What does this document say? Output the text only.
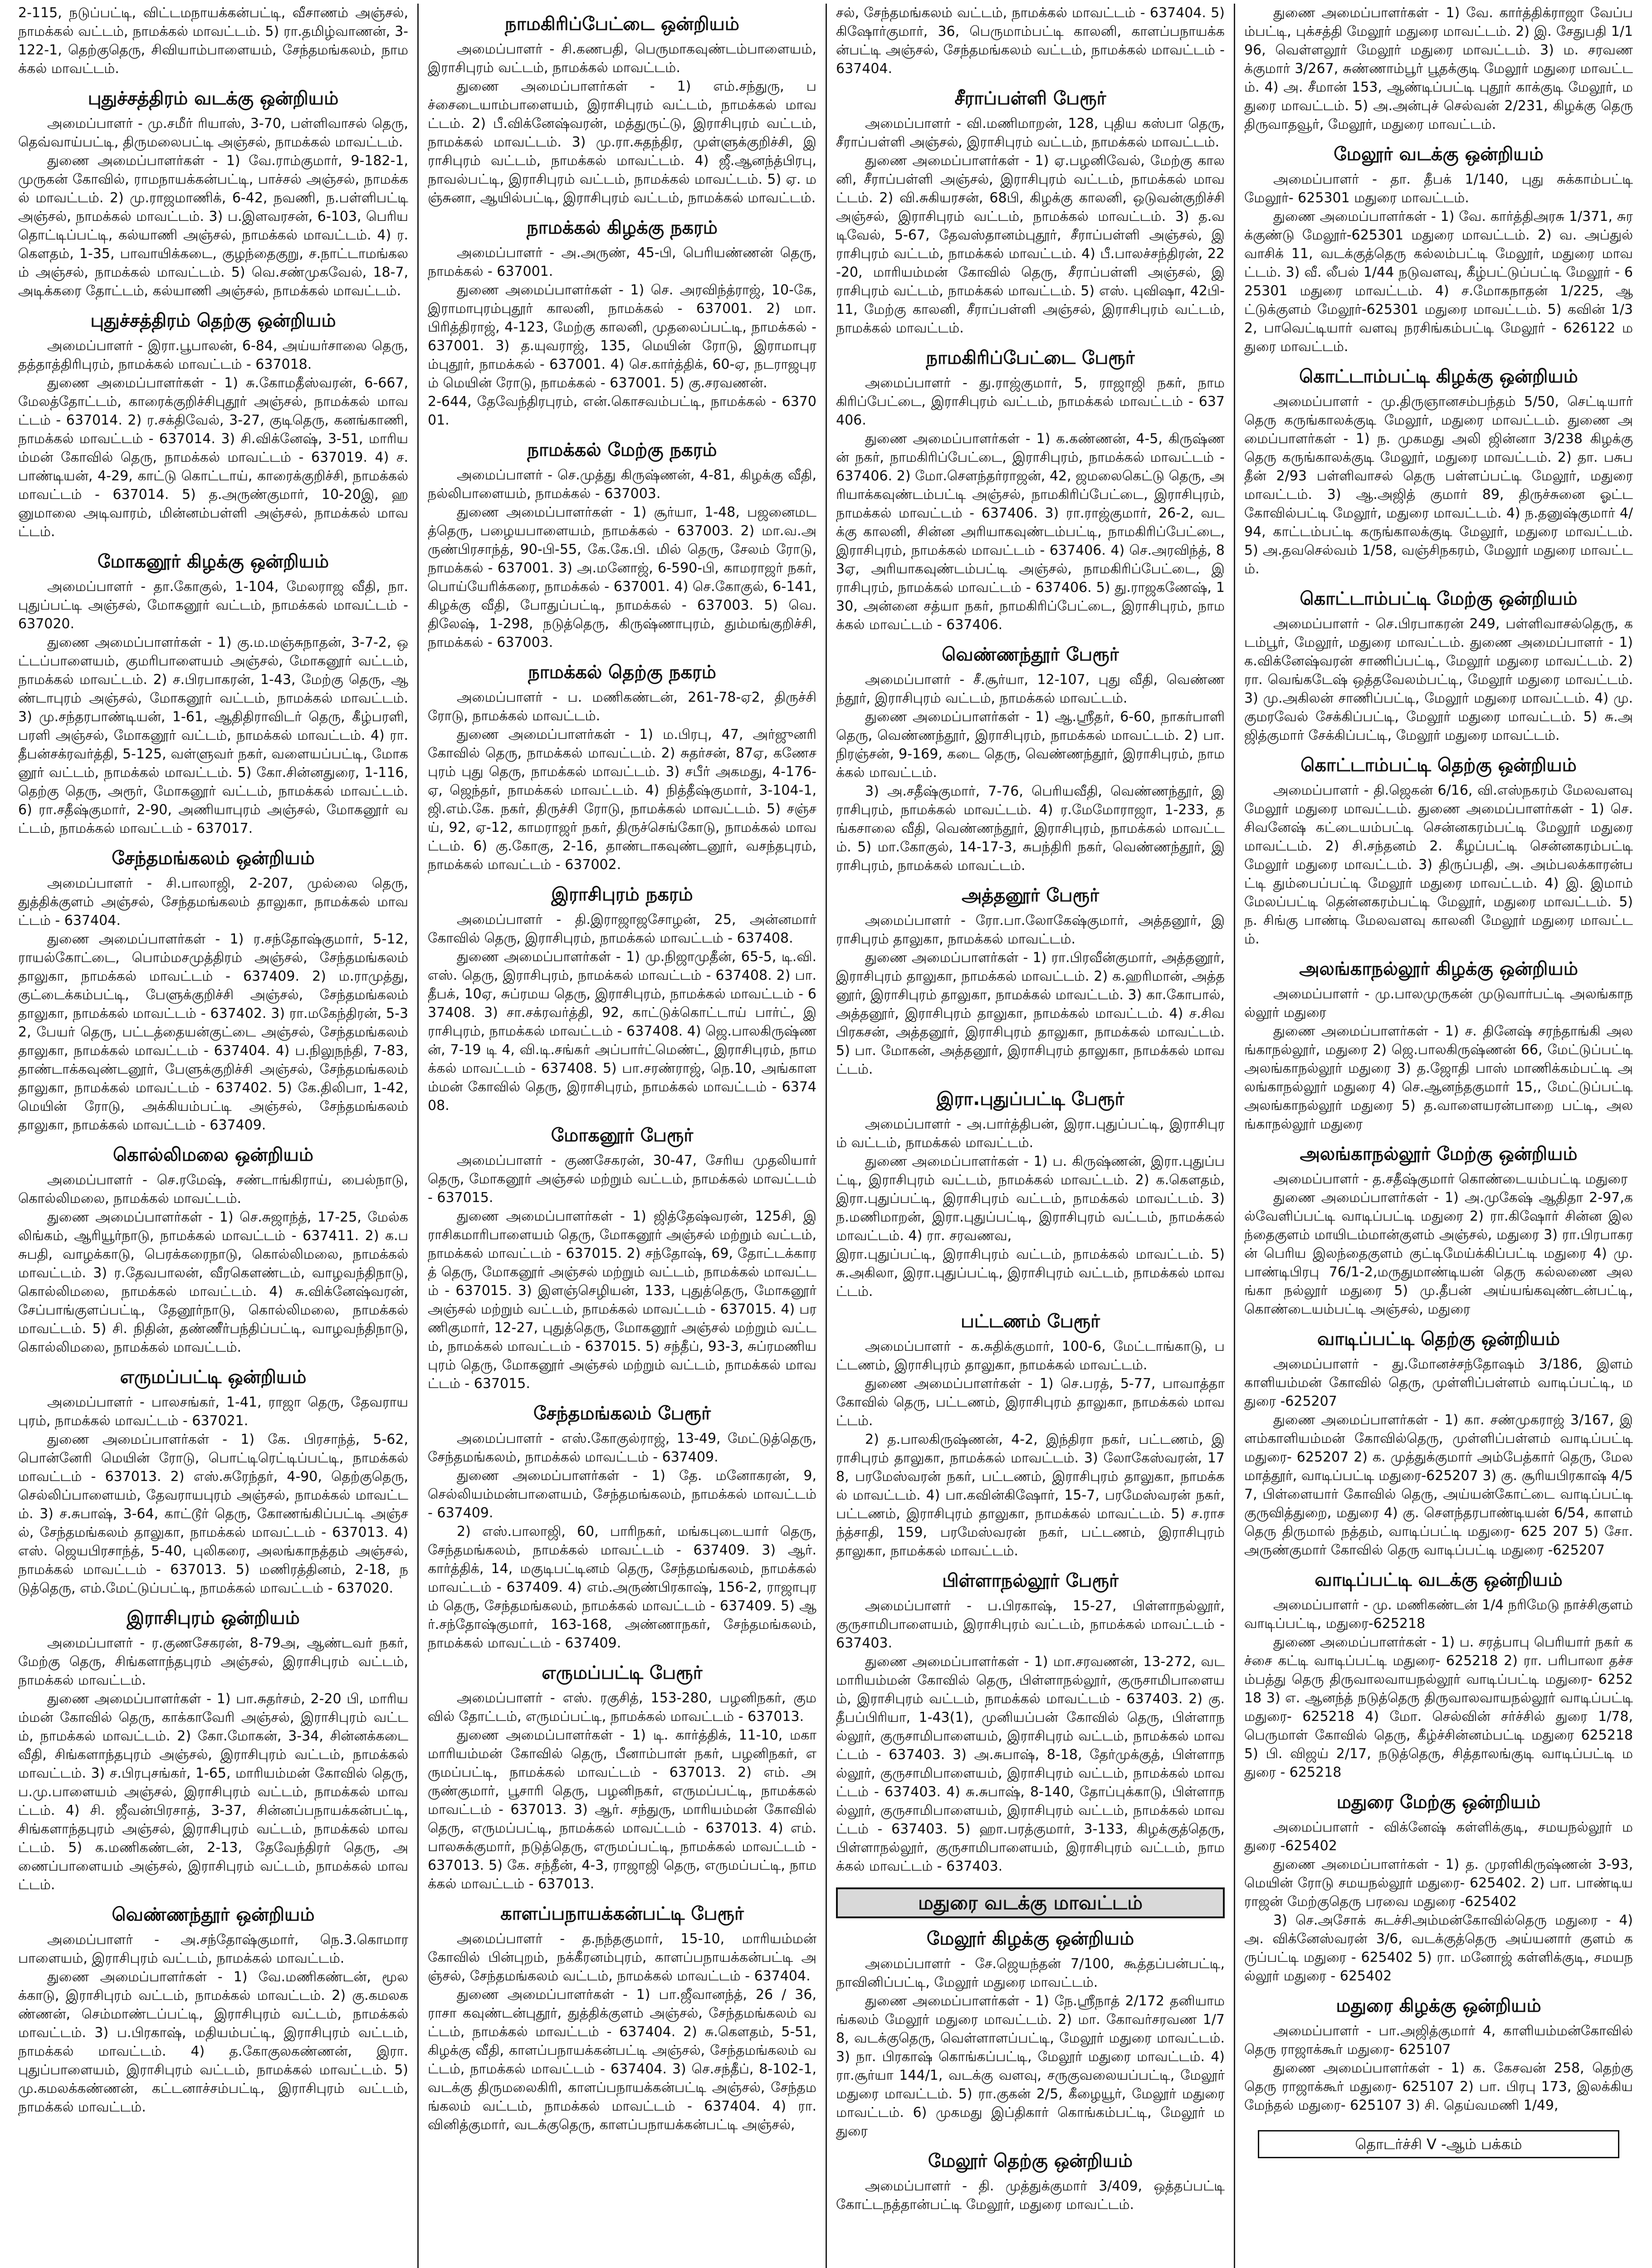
2-115, நடுப்பட்டி, விட்டமநாயக்கன்பட்டி, வீசாணம் அஞ்சல், நாமக்கல் வட்டம், நாமக்கல் மாவட்டம். 5) ரா.தமிழ்வாணன், 3-122-1, தெற்குதெரு, சிவியாம்பாளையம், சேந்தமங்கலம், நாமக்கல் மாவட்டம்.

புதுச்சத்திரம் வடக்கு ஒன்றியம்

அமைப்பாளர் - மு.சமீர் ரியாஸ், 3-70, பள்ளிவாசல் தெரு, தெவ்வாய்பட்டி, திருமலைபட்டி அஞ்சல், நாமக்கல் மாவட்டம்.

துணை அமைப்பாளர்கள் - 1) வே.ராம்குமார், 9-182-1, முருகன் கோவில், ராமநாயக்கன்பட்டி, பாச்சல் அஞ்சல், நாமக்கல் மாவட்டம். 2) மு.ராஜமாணிக், 6-42, நவணி, ந.பள்ளிபட்டி அஞ்சல், நாமக்கல் மாவட்டம். 3) ப.இளவரசன், 6-103, பெரியதொட்டிப்பட்டி, கல்யாணி அஞ்சல், நாமக்கல் மாவட்டம். 4) ர.கௌதம், 1-35, பாவாயிக்கடை, குழந்தைகுறு, ச.நாட்டாமங்கலம் அஞ்சல், நாமக்கல் மாவட்டம். 5) வெ.சண்முகவேல், 18-7, அடிக்கரை தோட்டம், கல்யாணி அஞ்சல், நாமக்கல் மாவட்டம்.

புதுச்சத்திரம் தெற்கு ஒன்றியம்

அமைப்பாளர் - இரா.பூபாலன், 6-84, அய்யர்சாலை தெரு, தத்தாத்திரிபுரம், நாமக்கல் மாவட்டம் - 637018.

துணை அமைப்பாளர்கள் - 1) சு.கோமதீஸ்வரன், 6-667, மேலத்தோட்டம், காரைக்குறிச்சிபுதூர் அஞ்சல், நாமக்கல் மாவட்டம் - 637014. 2) ர.சக்திவேல், 3-27, குடிதெரு, கனங்காணி, நாமக்கல் மாவட்டம் - 637014. 3) சி.விக்னேஷ், 3-51, மாரியம்மன் கோவில் தெரு, நாமக்கல் மாவட்டம் - 637019. 4) ச. பாண்டியன், 4-29, காட்டு கொட்டாய், காரைக்குறிச்சி, நாமக்கல் மாவட்டம் - 637014. 5) த.அருண்குமார், 10-20இ, ஹனுமாலை அடிவாரம், மின்னம்பள்ளி அஞ்சல், நாமக்கல் மாவட்டம்.

மோகனூர் கிழக்கு ஒன்றியம்

அமைப்பாளர் - தா.கோகுல், 1-104, மேலராஜ வீதி, நா.புதுப்பட்டி அஞ்சல், மோகனூர் வட்டம், நாமக்கல் மாவட்டம் - 637020.

துணை அமைப்பாளர்கள் - 1) கு.ம.மஞ்சுநாதன், 3-7-2, ஒட்டப்பாளையம், குமரிபாளையம் அஞ்சல், மோகனூர் வட்டம், நாமக்கல் மாவட்டம். 2) ச.பிரபாகரன், 1-43, மேற்கு தெரு, ஆண்டாபுரம் அஞ்சல், மோகனூர் வட்டம், நாமக்கல் மாவட்டம். 3) மு.சந்தரபாண்டியன், 1-61, ஆதிதிராவிடர் தெரு, கீழ்பரளி, பரளி அஞ்சல், மோகனூர் வட்டம், நாமக்கல் மாவட்டம். 4) ரா.தீபன்சக்ரவர்த்தி, 5-125, வள்ளுவர் நகர், வளையப்பட்டி, மோகனூர் வட்டம், நாமக்கல் மாவட்டம். 5) கோ.சின்னதுரை, 1-116, தெற்கு தெரு, அரூர், மோகனூர் வட்டம், நாமக்கல் மாவட்டம். 6) ரா.சதீஷ்குமார், 2-90, அணியாபுரம் அஞ்சல், மோகனூர் வட்டம், நாமக்கல் மாவட்டம் - 637017.

சேந்தமங்கலம் ஒன்றியம்

அமைப்பாளர் - சி.பாலாஜி, 2-207, முல்லை தெரு, துத்திக்குளம் அஞ்சல், சேந்தமங்கலம் தாலுகா, நாமக்கல் மாவட்டம் - 637404.

துணை அமைப்பாளர்கள் - 1) ர.சந்தோஷ்குமார், 5-12, ராயல்கோட்டை, பொம்மசமுத்திரம் அஞ்சல், சேந்தமங்கலம் தாலுகா, நாமக்கல் மாவட்டம் - 637409. 2) ம.ராமுத்து, குட்டைக்கம்பட்டி, பேளுக்குறிச்சி அஞ்சல், சேந்தமங்கலம் தாலுகா, நாமக்கல் மாவட்டம் - 637402. 3) ரா.மகேந்திரன், 5-32, பேயர் தெரு, பட்டத்தையன்குட்டை அஞ்சல், சேந்தமங்கலம் தாலுகா, நாமக்கல் மாவட்டம் - 637404. 4) ப.நிலுநந்தி, 7-83, தாண்டாக்கவுண்டனூர், பேளுக்குறிச்சி அஞ்சல், சேந்தமங்கலம் தாலுகா, நாமக்கல் மாவட்டம் - 637402. 5) கே.திலிபா, 1-42, மெயின் ரோடு, அக்கியம்பட்டி அஞ்சல், சேந்தமங்கலம் தாலுகா, நாமக்கல் மாவட்டம் - 637409.

கொல்லிமலை ஒன்றியம்

அமைப்பாளர் - செ.ரமேஷ், சண்டாங்கிராய், பைல்நாடு, கொல்லிமலை, நாமக்கல் மாவட்டம்.

துணை அமைப்பாளர்கள் - 1) செ.சுஜாந்த், 17-25, மேல்கலிங்கம், ஆரியூர்நாடு, நாமக்கல் மாவட்டம் - 637411. 2) க.பசுபதி, வாழக்காடு, பெரக்கரைநாடு, கொல்லிமலை, நாமக்கல் மாவட்டம். 3) ர.தேவபாலன், வீரகௌண்டம், வாழவந்திநாடு, கொல்லிமலை, நாமக்கல் மாவட்டம். 4) சு.விக்னேஷ்வரன், சேப்பாங்குளப்பட்டி, தேனூர்நாடு, கொல்லிமலை, நாமக்கல் மாவட்டம். 5) சி. நிதின், தண்ணீர்பந்திப்பட்டி, வாழவந்திநாடு, கொல்லிமலை, நாமக்கல் மாவட்டம்.

எருமப்பட்டி ஒன்றியம்

அமைப்பாளர் - பாலசங்கர், 1-41, ராஜா தெரு, தேவராயபுரம், நாமக்கல் மாவட்டம் - 637021.

துணை அமைப்பாளர்கள் - 1) கே. பிரசாந்த், 5-62, பொன்னேரி மெயின் ரோடு, பொட்டிரெட்டிப்பட்டி, நாமக்கல் மாவட்டம் - 637013. 2) எஸ்.சுரேந்தர், 4-90, தெற்குதெரு, செல்லிப்பாளையம், தேவராயபுரம் அஞ்சல், நாமக்கல் மாவட்டம். 3) ச.சுபாஷ், 3-64, காட்டூர் தெரு, கோணங்கிப்பட்டி அஞ்சல், சேந்தமங்கலம் தாலுகா, நாமக்கல் மாவட்டம் - 637013. 4) எஸ். ஜெயபிரசாந்த், 5-40, புலிகரை, அலங்காநத்தம் அஞ்சல், நாமக்கல் மாவட்டம் - 637013. 5) மணிரத்தினம், 2-18, நடுத்தெரு, எம்.மேட்டுப்பட்டி, நாமக்கல் மாவட்டம் - 637020.

இராசிபுரம் ஒன்றியம்

அமைப்பாளர் - ர.குணசேகரன், 8-79அ, ஆண்டவர் நகர், மேற்கு தெரு, சிங்களாந்தபுரம் அஞ்சல், இராசிபுரம் வட்டம், நாமக்கல் மாவட்டம்.

துணை அமைப்பாளர்கள் - 1) பா.சுதர்சம், 2-20 பி, மாரியம்மன் கோவில் தெரு, காக்காவேரி அஞ்சல், இராசிபுரம் வட்டம், நாமக்கல் மாவட்டம். 2) கோ.மோகன், 3-34, சின்னக்கடை வீதி, சிங்களாந்தபுரம் அஞ்சல், இராசிபுரம் வட்டம், நாமக்கல் மாவட்டம். 3) ச.பிரபுசங்கர், 1-65, மாரியம்மன் கோவில் தெரு, ப.மு.பாளையம் அஞ்சல், இராசிபுரம் வட்டம், நாமக்கல் மாவட்டம். 4) சி. ஜீவன்பிரசாத், 3-37, சின்னப்பநாயக்கன்பட்டி, சிங்களாந்தபுரம் அஞ்சல், இராசிபுரம் வட்டம், நாமக்கல் மாவட்டம். 5) க.மணிகண்டன், 2-13, தேவேந்திரர் தெரு, அணைப்பாளையம் அஞ்சல், இராசிபுரம் வட்டம், நாமக்கல் மாவட்டம்.

வெண்ணந்தூர் ஒன்றியம்

அமைப்பாளர் - அ.சந்தோஷ்குமார், நெ.3.கொமாரபாளையம், இராசிபுரம் வட்டம், நாமக்கல் மாவட்டம்.

துணை அமைப்பாளர்கள் - 1) வே.மணிகண்டன், மூலக்காடு, இராசிபுரம் வட்டம், நாமக்கல் மாவட்டம். 2) கு.கமலகண்ணன், செம்மாண்டப்பட்டி, இராசிபுரம் வட்டம், நாமக்கல் மாவட்டம். 3) ப.பிரகாஷ், மதியம்பட்டி, இராசிபுரம் வட்டம், நாமக்கல் மாவட்டம். 4) த.கோகுலகண்ணன், இரா.புதுப்பாளையம், இராசிபுரம் வட்டம், நாமக்கல் மாவட்டம். 5) மு.கமலக்கண்ணன், கட்டனாச்சம்பட்டி, இராசிபுரம் வட்டம், நாமக்கல் மாவட்டம்.

நாமகிரிப்பேட்டை ஒன்றியம்

அமைப்பாளர் - சி.கணபதி, பெருமாகவுண்டம்பாளையம், இராசிபுரம் வட்டம், நாமக்கல் மாவட்டம்.

துணை அமைப்பாளர்கள் - 1) எம்.சந்துரு, பச்சைடையாம்பாளையம், இராசிபுரம் வட்டம், நாமக்கல் மாவட்டம். 2) பீ.விக்னேஷ்வரன், மத்துருட்டு, இராசிபுரம் வட்டம், நாமக்கல் மாவட்டம். 3) மு.ரா.சுதந்திர, முள்ளுக்குறிச்சி, இராசிபுரம் வட்டம், நாமக்கல் மாவட்டம். 4) ஜீ.ஆனந்த்பிரபு, நாவல்பட்டி, இராசிபுரம் வட்டம், நாமக்கல் மாவட்டம். 5) ஏ. மஞ்சுனா, ஆயில்பட்டி, இராசிபுரம் வட்டம், நாமக்கல் மாவட்டம்.

நாமக்கல் கிழக்கு நகரம்

அமைப்பாளர் - அ.அருண், 45-பி, பெரியண்ணன் தெரு, நாமக்கல் - 637001.

துணை அமைப்பாளர்கள் - 1) செ. அரவிந்த்ராஜ், 10-கே, இராமாபுரம்புதூர் காலனி, நாமக்கல் - 637001. 2) மா.பிரித்திராஜ், 4-123, மேற்கு காலனி, முதலைப்பட்டி, நாமக்கல் - 637001. 3) த.யுவராஜ், 135, மெயின் ரோடு, இராமாபுரம்புதூர், நாமக்கல் - 637001. 4) செ.கார்த்திக், 60-ஏ, நடராஜபுரம் மெயின் ரோடு, நாமக்கல் - 637001. 5) கு.சரவணன்.

2-644, தேவேந்திரபுரம், என்.கொசவம்பட்டி, நாமக்கல் - 637001.

நாமக்கல் மேற்கு நகரம்

அமைப்பாளர் - செ.முத்து கிருஷ்ணன், 4-81, கிழக்கு வீதி, நல்லிபாளையம், நாமக்கல் - 637003.

துணை அமைப்பாளர்கள் - 1) சூர்யா, 1-48, பஜனைமடத்தெரு, பழையபாளையம், நாமக்கல் - 637003. 2) மா.வ.அருண்பிரசாந்த், 90-பி-55, கே.கே.பி. மில் தெரு, சேலம் ரோடு, நாமக்கல் - 637001. 3) அ.மனோஜ், 6-590-பி, காமராஜர் நகர், பொய்யேரிக்கரை, நாமக்கல் - 637001. 4) செ.கோகுல், 6-141, கிழக்கு வீதி, போதுப்பட்டி, நாமக்கல் - 637003. 5) வெ.திலேஷ், 1-298, நடுத்தெரு, கிருஷ்ணாபுரம், தும்மங்குறிச்சி, நாமக்கல் - 637003.

நாமக்கல் தெற்கு நகரம்

அமைப்பாளர் - ப. மணிகண்டன், 261-78-ஏ2, திருச்சி ரோடு, நாமக்கல் மாவட்டம்.

துணை அமைப்பாளர்கள் - 1) ம.பிரபு, 47, அர்ஜுனரி கோவில் தெரு, நாமக்கல் மாவட்டம். 2) சுதர்சன், 87ஏ, கணேசபுரம் புது தெரு, நாமக்கல் மாவட்டம். 3) சபீர் அகமது, 4-176-ஏ, ஜெந்தர், நாமக்கல் மாவட்டம். 4) நித்தீஷ்குமார், 3-104-1, ஜி.எம்.கே. நகர், திருச்சி ரோடு, நாமக்கல் மாவட்டம். 5) சஞ்சய், 92, ஏ-12, காமராஜர் நகர், திருச்செங்கோடு, நாமக்கல் மாவட்டம். 6) கு.கோகு, 2-16, தாண்டாகவுண்டனூர், வசந்தபுரம், நாமக்கல் மாவட்டம் - 637002.

இராசிபுரம் நகரம்

அமைப்பாளர் - தி.இராஜாஜசோழன், 25, அன்னமார் கோவில் தெரு, இராசிபுரம், நாமக்கல் மாவட்டம் - 637408.

துணை அமைப்பாளர்கள் - 1) மு.நிஜாமுதீன், 65-5, டி.வி.எஸ். தெரு, இராசிபுரம், நாமக்கல் மாவட்டம் - 637408. 2) பா.தீபக், 10ஏ, சுப்ரமய தெரு, இராசிபுரம், நாமக்கல் மாவட்டம் - 637408. 3) சா.சக்ரவர்த்தி, 92, காட்டுக்கொட்டாய் பார்ட், இராசிபுரம், நாமக்கல் மாவட்டம் - 637408. 4) ஜெ.பாலகிருஷ்ணன், 7-19 டி 4, வி.டி.சங்கர் அப்பார்ட்மெண்ட், இராசிபுரம், நாமக்கல் மாவட்டம் - 637408. 5) பா.சரண்ராஜ், நெ.10, அங்காளம்மன் கோவில் தெரு, இராசிபுரம், நாமக்கல் மாவட்டம் - 637408.

மோகனூர் பேரூர்

அமைப்பாளர் - குணசேகரன், 30-47, சேரிய முதலியார் தெரு, மோகனூர் அஞ்சல் மற்றும் வட்டம், நாமக்கல் மாவட்டம் - 637015.

துணை அமைப்பாளர்கள் - 1) ஜித்தேஷ்வரன், 125சி, இராசிகமாரிபாளையம் தெரு, மோகனூர் அஞ்சல் மற்றும் வட்டம், நாமக்கல் மாவட்டம் - 637015. 2) சந்தோஷ், 69, தோட்டக்காரத் தெரு, மோகனூர் அஞ்சல் மற்றும் வட்டம், நாமக்கல் மாவட்டம் - 637015. 3) இளஞ்செழியன், 133, புதுத்தெரு, மோகனூர் அஞ்சல் மற்றும் வட்டம், நாமக்கல் மாவட்டம் - 637015. 4) பரணிகுமார், 12-27, புதுத்தெரு, மோகனூர் அஞ்சல் மற்றும் வட்டம், நாமக்கல் மாவட்டம் - 637015. 5) சந்தீப், 93-3, சுப்ரமணியபுரம் தெரு, மோகனூர் அஞ்சல் மற்றும் வட்டம், நாமக்கல் மாவட்டம் - 637015.

சேந்தமங்கலம் பேரூர்

அமைப்பாளர் - எஸ்.கோகுல்ராஜ், 13-49, மேட்டுத்தெரு, சேந்தமங்கலம், நாமக்கல் மாவட்டம் - 637409.

துணை அமைப்பாளர்கள் - 1) தே. மனோகரன், 9, செல்லியம்மன்பாளையம், சேந்தமங்கலம், நாமக்கல் மாவட்டம் - 637409.

2) எஸ்.பாலாஜி, 60, பாரிநகர், மங்கபுடையார் தெரு, சேந்தமங்கலம், நாமக்கல் மாவட்டம் - 637409. 3) ஆர். கார்த்திக், 14, மகுடிபட்டினம் தெரு, சேந்தமங்கலம், நாமக்கல் மாவட்டம் - 637409. 4) எம்.அருண்பிரகாஷ், 156-2, ராஜாபுரம் தெரு, சேந்தமங்கலம், நாமக்கல் மாவட்டம் - 637409. 5) ஆர்.சந்தோஷ்குமார், 163-168, அண்ணாநகர், சேந்தமங்கலம், நாமக்கல் மாவட்டம் - 637409.

எருமப்பட்டி பேரூர்

அமைப்பாளர் - எஸ். ரகுசித், 153-280, பழனிநகர், குமவில் தோட்டம், எருமப்பட்டி, நாமக்கல் மாவட்டம் - 637013.

துணை அமைப்பாளர்கள் - 1) டி. கார்த்திக், 11-10, மகா மாரியம்மன் கோவில் தெரு, பீனாம்பாள் நகர், பழனிநகர், எருமப்பட்டி, நாமக்கல் மாவட்டம் - 637013. 2) எம். அருண்குமார், பூசாரி தெரு, பழனிநகர், எருமப்பட்டி, நாமக்கல் மாவட்டம் - 637013. 3) ஆர். சந்துரு, மாரியம்மன் கோவில் தெரு, எருமப்பட்டி, நாமக்கல் மாவட்டம் - 637013. 4) எம். பாலசுக்குமார், நடுத்தெரு, எருமப்பட்டி, நாமக்கல் மாவட்டம் - 637013. 5) கே. சந்தீன், 4-3, ராஜாஜி தெரு, எருமப்பட்டி, நாமக்கல் மாவட்டம் - 637013.

காளப்பநாயக்கன்பட்டி பேரூர்

அமைப்பாளர் - த.நந்தகுமார், 15-10, மாரியம்மன் கோவில் பின்புறம், நக்கீரனம்புரம், காளப்பநாயக்கன்பட்டி அஞ்சல், சேந்தமங்கலம் வட்டம், நாமக்கல் மாவட்டம் - 637404.

துணை அமைப்பாளர்கள் - 1) பா.ஜீவானந்த், 26 / 36, ராசா கவுண்டன்புதூர், துத்திக்குளம் அஞ்சல், சேந்தமங்கலம் வட்டம், நாமக்கல் மாவட்டம் - 637404. 2) சு.கௌதம், 5-51, கிழக்கு வீதி, காளப்பநாயக்கன்பட்டி அஞ்சல், சேந்தமங்கலம் வட்டம், நாமக்கல் மாவட்டம் - 637404. 3) செ.சந்தீப், 8-102-1, வடக்கு திருமலைகிரி, காளப்பநாயக்கன்பட்டி அஞ்சல், சேந்தமங்கலம் வட்டம், நாமக்கல் மாவட்டம் - 637404. 4) ரா.வினித்குமார், வடக்குதெரு, காளப்பநாயக்கன்பட்டி அஞ்சல்,

சல், சேந்தமங்கலம் வட்டம், நாமக்கல் மாவட்டம் - 637404. 5) கிஷோர்குமார், 36, பெருமாம்பட்டி காலனி, காளப்பநாயக்கன்பட்டி அஞ்சல், சேந்தமங்கலம் வட்டம், நாமக்கல் மாவட்டம் - 637404.

சீராப்பள்ளி பேரூர்

அமைப்பாளர் - வி.மணிமாறன், 128, புதிய கஸ்பா தெரு, சீராப்பள்ளி அஞ்சல், இராசிபுரம் வட்டம், நாமக்கல் மாவட்டம்.

துணை அமைப்பாளர்கள் - 1) ஏ.பழனிவேல், மேற்கு காலனி, சீராப்பள்ளி அஞ்சல், இராசிபுரம் வட்டம், நாமக்கல் மாவட்டம். 2) வி.சுகியரசன், 68பி, கிழக்கு காலனி, ஒடுவன்குறிச்சி அஞ்சல், இராசிபுரம் வட்டம், நாமக்கல் மாவட்டம். 3) த.வடிவேல், 5-67, தேவஸ்தானம்புதூர், சீராப்பள்ளி அஞ்சல், இராசிபுரம் வட்டம், நாமக்கல் மாவட்டம். 4) பீ.பாலச்சந்திரன், 22-20, மாரியம்மன் கோவில் தெரு, சீராப்பள்ளி அஞ்சல், இராசிபுரம் வட்டம், நாமக்கல் மாவட்டம். 5) எஸ். புவிஷா, 42பி-11, மேற்கு காலனி, சீராப்பள்ளி அஞ்சல், இராசிபுரம் வட்டம், நாமக்கல் மாவட்டம்.

நாமகிரிப்பேட்டை பேரூர்

அமைப்பாளர் - து.ராஜ்குமார், 5, ராஜாஜி நகர், நாமகிரிப்பேட்டை, இராசிபுரம் வட்டம், நாமக்கல் மாவட்டம் - 637406.

துணை அமைப்பாளர்கள் - 1) க.கண்ணன், 4-5, கிருஷ்ணன் நகர், நாமகிரிப்பேட்டை, இராசிபுரம், நாமக்கல் மாவட்டம் - 637406. 2) மோ.சௌந்தர்ராஜன், 42, ஜமலைகெட்டு தெரு, அரியாக்கவுண்டம்பட்டி அஞ்சல், நாமகிரிப்பேட்டை, இராசிபுரம், நாமக்கல் மாவட்டம் - 637406. 3) ரா.ராஜ்குமார், 26-2, வடக்கு காலனி, சின்ன அரியாகவுண்டம்பட்டி, நாமகிரிப்பேட்டை, இராசிபுரம், நாமக்கல் மாவட்டம் - 637406. 4) செ.அரவிந்த், 83ஏ, அரியாகவுண்டம்பட்டி அஞ்சல், நாமகிரிப்பேட்டை, இராசிபுரம், நாமக்கல் மாவட்டம் - 637406. 5) து.ராஜகணேஷ், 130, அன்னை சத்யா நகர், நாமகிரிப்பேட்டை, இராசிபுரம், நாமக்கல் மாவட்டம் - 637406.

வெண்ணந்தூர் பேரூர்

அமைப்பாளர் - சீ.சூர்யா, 12-107, புது வீதி, வெண்ணந்தூர், இராசிபுரம் வட்டம், நாமக்கல் மாவட்டம்.

துணை அமைப்பாளர்கள் - 1) ஆ.ஸ்ரீதர், 6-60, நாகர்பாளி தெரு, வெண்ணந்தூர், இராசிபுரம், நாமக்கல் மாவட்டம். 2) பா.நிரஞ்சன், 9-169, கடை தெரு, வெண்ணந்தூர், இராசிபுரம், நாமக்கல் மாவட்டம்.

3) அ.சதீஷ்குமார், 7-76, பெரியவீதி, வெண்ணந்தூர், இராசிபுரம், நாமக்கல் மாவட்டம். 4) ர.மேமோராஜா, 1-233, தங்கசாலை வீதி, வெண்ணந்தூர், இராசிபுரம், நாமக்கல் மாவட்டம். 5) மா.கோகுல், 14-17-3, சுபந்திரி நகர், வெண்ணந்தூர், இராசிபுரம், நாமக்கல் மாவட்டம்.

அத்தனூர் பேரூர்

அமைப்பாளர் - ரோ.பா.லோகேஷ்குமார், அத்தனூர், இராசிபுரம் தாலுகா, நாமக்கல் மாவட்டம்.

துணை அமைப்பாளர்கள் - 1) ரா.பிரவீன்குமார், அத்தனூர், இராசிபுரம் தாலுகா, நாமக்கல் மாவட்டம். 2) க.ஹரிமான், அத்தனூர், இராசிபுரம் தாலுகா, நாமக்கல் மாவட்டம். 3) கா.கோபால், அத்தனூர், இராசிபுரம் தாலுகா, நாமக்கல் மாவட்டம். 4) ச.சிவபிரகசன், அத்தனூர், இராசிபுரம் தாலுகா, நாமக்கல் மாவட்டம். 5) பா. மோகன், அத்தனூர், இராசிபுரம் தாலுகா, நாமக்கல் மாவட்டம்.

இரா.புதுப்பட்டி பேரூர்

அமைப்பாளர் - அ.பார்த்திபன், இரா.புதுப்பட்டி, இராசிபுரம் வட்டம், நாமக்கல் மாவட்டம்.

துணை அமைப்பாளர்கள் - 1) ப. கிருஷ்ணன், இரா.புதுப்பட்டி, இராசிபுரம் வட்டம், நாமக்கல் மாவட்டம். 2) க.கௌதம், இரா.புதுப்பட்டி, இராசிபுரம் வட்டம், நாமக்கல் மாவட்டம். 3) ந.மணிமாறன், இரா.புதுப்பட்டி, இராசிபுரம் வட்டம், நாமக்கல் மாவட்டம். 4) ரா. சரவணவ,

இரா.புதுப்பட்டி, இராசிபுரம் வட்டம், நாமக்கல் மாவட்டம். 5) சு.அகிலா, இரா.புதுப்பட்டி, இராசிபுரம் வட்டம், நாமக்கல் மாவட்டம்.

பட்டணம் பேரூர்

அமைப்பாளர் - க.சுதிக்குமார், 100-6, மேட்டாங்காடு, பட்டணம், இராசிபுரம் தாலுகா, நாமக்கல் மாவட்டம்.

துணை அமைப்பாளர்கள் - 1) செ.பரத், 5-77, பாவாத்தா கோவில் தெரு, பட்டணம், இராசிபுரம் தாலுகா, நாமக்கல் மாவட்டம்.

2) த.பாலகிருஷ்ணன், 4-2, இந்திரா நகர், பட்டணம், இராசிபுரம் தாலுகா, நாமக்கல் மாவட்டம். 3) லோகேஸ்வரன், 178, பரமேஸ்வரன் நகர், பட்டணம், இராசிபுரம் தாலுகா, நாமக்கல் மாவட்டம். 4) பா.கவின்கிஷோர், 15-7, பரமேஸ்வரன் நகர், பட்டணம், இராசிபுரம் தாலுகா, நாமக்கல் மாவட்டம். 5) ச.ராசந்த்சாதி, 159, பரமேஸ்வரன் நகர், பட்டணம், இராசிபுரம் தாலுகா, நாமக்கல் மாவட்டம்.

பிள்ளாநல்லூர் பேரூர்

அமைப்பாளர் - ப.பிரகாஷ், 15-27, பிள்ளாநல்லூர், குருசாமிபாளையம், இராசிபுரம் வட்டம், நாமக்கல் மாவட்டம் - 637403.

துணை அமைப்பாளர்கள் - 1) மா.சரவணன், 13-272, வடமாரியம்மன் கோவில் தெரு, பிள்ளாநல்லூர், குருசாமிபாளையம், இராசிபுரம் வட்டம், நாமக்கல் மாவட்டம் - 637403. 2) கு.தீபப்பிரியா, 1-43(1), முனியப்பன் கோவில் தெரு, பிள்ளாநல்லூர், குருசாமிபாளையம், இராசிபுரம் வட்டம், நாமக்கல் மாவட்டம் - 637403. 3) அ.சுபாஷ், 8-18, தேர்முக்குத், பிள்ளாநல்லூர், குருசாமிபாளையம், இராசிபுரம் வட்டம், நாமக்கல் மாவட்டம் - 637403. 4) சு.சுபாஷ், 8-140, தோப்புக்காடு, பிள்ளாநல்லூர், குருசாமிபாளையம், இராசிபுரம் வட்டம், நாமக்கல் மாவட்டம் - 637403. 5) ஹா.பரத்குமார், 3-133, கிழக்குத்தெரு, பிள்ளாநல்லூர், குருசாமிபாளையம், இராசிபுரம் வட்டம், நாமக்கல் மாவட்டம் - 637403.

மதுரை வடக்கு மாவட்டம்
மேலூர் கிழக்கு ஒன்றியம்

அமைப்பாளர் - சே.ஜெயந்தன் 7/100, கூத்தப்பன்பட்டி, நாவினிப்பட்டி, மேலூர் மதுரை மாவட்டம்.

துணை அமைப்பாளர்கள் - 1) நே.ஸ்ரீநாத் 2/172 தனியாமங்கலம் மேலூர் மதுரை மாவட்டம். 2) மா. கோவர்சரவண 1/78, வடக்குதெரு, வெள்ளாளப்பட்டி, மேலூர் மதுரை மாவட்டம். 3) நா. பிரகாஷ் கொங்கப்பட்டி, மேலூர் மதுரை மாவட்டம். 4) ரா.சூர்யா 144/1, வடக்கு வளவு, சருகுவலையப்பட்டி, மேலூர் மதுரை மாவட்டம். 5) ரா.குகன் 2/5, கீழையூர், மேலூர் மதுரை மாவட்டம். 6) முகமது இப்திகார் கொங்கம்பட்டி, மேலூர் மதுரை

மேலூர் தெற்கு ஒன்றியம்

அமைப்பாளர் - தி. முத்துக்குமார் 3/409, ஒத்தப்பட்டி கோட்டநத்தான்பட்டி மேலூர், மதுரை மாவட்டம்.

துணை அமைப்பாளர்கள் - 1) வே. கார்த்திக்ராஜா வேப்பம்பட்டி, புக்சத்தி மேலூர் மதுரை மாவட்டம். 2) இ. சேதுபதி 1/196, வெள்ளலூர் மேலூர் மதுரை மாவட்டம். 3) ம. சரவணக்குமார் 3/267, சுண்ணாம்பூர் பூதக்குடி மேலூர் மதுரை மாவட்டம். 4) அ. சீமான் 153, ஆண்டிப்பட்டி புதூர் காக்குடி மேலூர், மதுரை மாவட்டம். 5) அ.அன்புச் செல்வன் 2/231, கிழக்கு தெரு திருவாதவூர், மேலூர், மதுரை மாவட்டம்.

மேலூர் வடக்கு ஒன்றியம்

அமைப்பாளர் - தா. தீபக் 1/140, புது சுக்காம்பட்டி மேலூர்- 625301 மதுரை மாவட்டம்.

துணை அமைப்பாளர்கள் - 1) வே. கார்த்திஅரசு 1/371, சுரக்குண்டு மேலூர்-625301 மதுரை மாவட்டம். 2) வ. அப்துல் வாசிக் 11, வடக்குத்தெரு கல்லம்பட்டி மேலூர், மதுரை மாவட்டம். 3) வீ. லீபல் 1/44 நடுவளவு, கீழ்பட்டுப்பட்டி மேலூர் - 625301 மதுரை மாவட்டம். 4) ச.மோகநாதன் 1/225, ஆட்டுக்குளம் மேலூர்-625301 மதுரை மாவட்டம். 5) கவின் 1/32, பாவெட்டியார் வளவு நரசிங்கம்பட்டி மேலூர் - 626122 மதுரை மாவட்டம்.

கொட்டாம்பட்டி கிழக்கு ஒன்றியம்

அமைப்பாளர் - மு.திருஞானசம்பந்தம் 5/50, செட்டியார் தெரு கருங்காலக்குடி மேலூர், மதுரை மாவட்டம். துணை அமைப்பாளர்கள் - 1) ந. முகமது அலி ஜின்னா 3/238 கிழக்கு தெரு கருங்காலக்குடி மேலூர், மதுரை மாவட்டம். 2) தா. பசுபதீன் 2/93 பள்ளிவாசல் தெரு பள்ளப்பட்டி மேலூர், மதுரை மாவட்டம். 3) ஆ.அஜித் குமார் 89, திருச்சுனை ஓட்ட கோவில்பட்டி மேலூர், மதுரை மாவட்டம். 4) ந.தனுஷ்குமார் 4/94, காட்டம்பட்டி கருங்காலக்குடி மேலூர், மதுரை மாவட்டம். 5) அ.தவசெல்வம் 1/58, வஞ்சிநகரம், மேலூர் மதுரை மாவட்டம்.

கொட்டாம்பட்டி மேற்கு ஒன்றியம்

அமைப்பாளர் - செ.பிரபாகரன் 249, பள்ளிவாசல்தெரு, கடம்பூர், மேலூர், மதுரை மாவட்டம். துணை அமைப்பாளர் - 1) க.விக்னேஷ்வரன் சாணிப்பட்டி, மேலூர் மதுரை மாவட்டம். 2) ரா. வெங்கடேஷ் ஒத்தவேலம்பட்டி, மேலூர் மதுரை மாவட்டம். 3) மு.அகிலன் சாணிப்பட்டி, மேலூர் மதுரை மாவட்டம். 4) மு.குமரவேல் சேக்கிப்பட்டி, மேலூர் மதுரை மாவட்டம். 5) சு.அஜித்குமார் சேக்கிப்பட்டி, மேலூர் மதுரை மாவட்டம்.

கொட்டாம்பட்டி தெற்கு ஒன்றியம்

அமைப்பாளர் - தி.ஜெகன் 6/16, வி.எஸ்நகரம் மேலவளவு மேலூர் மதுரை மாவட்டம். துணை அமைப்பாளர்கள் - 1) செ.சிவனேஷ் கட்டையம்பட்டி சென்னகரம்பட்டி மேலூர் மதுரை மாவட்டம். 2) சி.சந்தனம் 2. கீழப்பட்டி சென்னகரம்பட்டி மேலூர் மதுரை மாவட்டம். 3) திருப்பதி, அ. அம்பலக்காரன்பட்டி தும்பைப்பட்டி மேலூர் மதுரை மாவட்டம். 4) இ. இமாம் மேலப்பட்டி தென்னகரம்பட்டி மேலூர், மதுரை மாவட்டம். 5) ந. சிங்கு பாண்டி மேலவளவு காலனி மேலூர் மதுரை மாவட்டம்.

அலங்காநல்லூர் கிழக்கு ஒன்றியம்

அமைப்பாளர் - மு.பாலமுருகன் முடுவார்பட்டி அலங்காநல்லூர் மதுரை

துணை அமைப்பாளர்கள் - 1) ச. தினேஷ் சரந்தாங்கி அலங்காநல்லூர், மதுரை 2) ஜெ.பாலகிருஷ்ணன் 66, மேட்டுப்பட்டி அலங்காநல்லூர் மதுரை 3) த.ஜோதி பாஸ் மாணிக்கம்பட்டி அலங்காநல்லூர் மதுரை 4) செ.ஆனந்தகுமார் 15,, மேட்டுப்பட்டி அலங்காநல்லூர் மதுரை 5) த.வாளையரன்பாறை பட்டி, அலங்காநல்லூர் மதுரை

அலங்காநல்லூர் மேற்கு ஒன்றியம்

அமைப்பாளர் - த.சதீஷ்குமார் கொண்டையம்பட்டி மதுரை

துணை அமைப்பாளர்கள் - 1) அ.முகேஷ் ஆதிதா 2-97,கல்வேளிப்பட்டி வாடிப்பட்டி மதுரை 2) ரா.கிஷோர் சின்ன இலந்தைகுளம் மாயிடம்மான்குளம் அஞ்சல், மதுரை 3) ரா.பிரபாகரன் பெரிய இலந்தைகுளம் குட்டிமேய்க்கிப்பட்டி மதுரை 4) மு. பாண்டிபிரபு 76/1-2,மருதுமாண்டியன் தெரு கல்லணை அலங்கா நல்லூர் மதுரை 5) மு.தீபன் அய்யங்கவுண்டன்பட்டி, கொண்டையம்பட்டி அஞ்சல், மதுரை

வாடிப்பட்டி தெற்கு ஒன்றியம்

அமைப்பாளர் - து.மோனச்சந்தோஷம் 3/186, இளம் காளியம்மன் கோவில் தெரு, முள்ளிப்பள்ளம் வாடிப்பட்டி, மதுரை -625207

துணை அமைப்பாளர்கள் - 1) கா. சண்முகராஜ் 3/167, இளம்காளியம்மன் கோவில்தெரு, முள்ளிப்பள்ளம் வாடிப்பட்டி மதுரை- 625207 2) க. முத்துக்குமார் அம்பேத்கார் தெரு, மேல மாத்தூர், வாடிப்பட்டி மதுரை-625207 3) கு. சூரியபிரகாஷ் 4/57, பிள்ளையார் கோவில் தெரு, அய்யன்கோட்டை வாடிப்பட்டி குருவித்துறை, மதுரை 4) கு. சௌந்தரபாண்டியன் 6/54, காளம் தெரு திருமால் நத்தம், வாடிப்பட்டி மதுரை- 625 207 5) சோ. அருண்குமார் கோவில் தெரு வாடிப்பட்டி மதுரை -625207

வாடிப்பட்டி வடக்கு ஒன்றியம்

அமைப்பாளர் - மு. மணிகண்டன் 1/4 நரிமேடு நாச்சிகுளம் வாடிப்பட்டி, மதுரை-625218

துணை அமைப்பாளர்கள் - 1) ப. சரத்பாபு பெரியார் நகர் கச்சை கட்டி வாடிப்பட்டி மதுரை- 625218 2) ரா. பரிபாலா தச்சம்பத்து தெரு திருவாலவாயநல்லூர் வாடிப்பட்டி மதுரை- 625218 3) எ. ஆனந்த் நடுத்தெரு திருவாலவாயநல்லூர் வாடிப்பட்டி மதுரை- 625218 4) மோ. செல்வின் சர்ச்சில் துரை 1/78, பெருமாள் கோவில் தெரு, கீழ்ச்சின்னம்பட்டி மதுரை 625218 5) பி. விஜய் 2/17, நடுத்தெரு, சித்தாலங்குடி வாடிப்பட்டி மதுரை - 625218

மதுரை மேற்கு ஒன்றியம்

அமைப்பாளர் - விக்னேஷ் கள்ளிக்குடி, சமயநல்லூர் மதுரை -625402

துணை அமைப்பாளர்கள் - 1) த. முரளிகிருஷ்ணன் 3-93, மெயின் ரோடு சமயநல்லூர் மதுரை- 625402. 2) பா. பாண்டியராஜன் மேற்குதெரு பரவை மதுரை -625402

3) செ.அசோக் சுடச்சிஅம்மன்கோவில்தெரு மதுரை - 4) அ. விக்னேஸ்வரன் 3/6, வடக்குத்தெரு அய்யனார் குளம் கருப்பட்டி மதுரை - 625402 5) ரா. மனோஜ் கள்ளிக்குடி, சமயநல்லூர் மதுரை - 625402

மதுரை கிழக்கு ஒன்றியம்

அமைப்பாளர் - பா.அஜித்குமார் 4, காளியம்மன்கோவில் தெரு ராஜாக்கூர் மதுரை- 625107

துணை அமைப்பாளர்கள் - 1) க. கேசவன் 258, தெற்கு தெரு ராஜாக்கூர் மதுரை- 625107 2) பா. பிரபு 173, இலக்கியமேந்தல் மதுரை- 625107 3) சி. தெய்வமணி 1/49,

தொடர்ச்சி V -ஆம் பக்கம்
